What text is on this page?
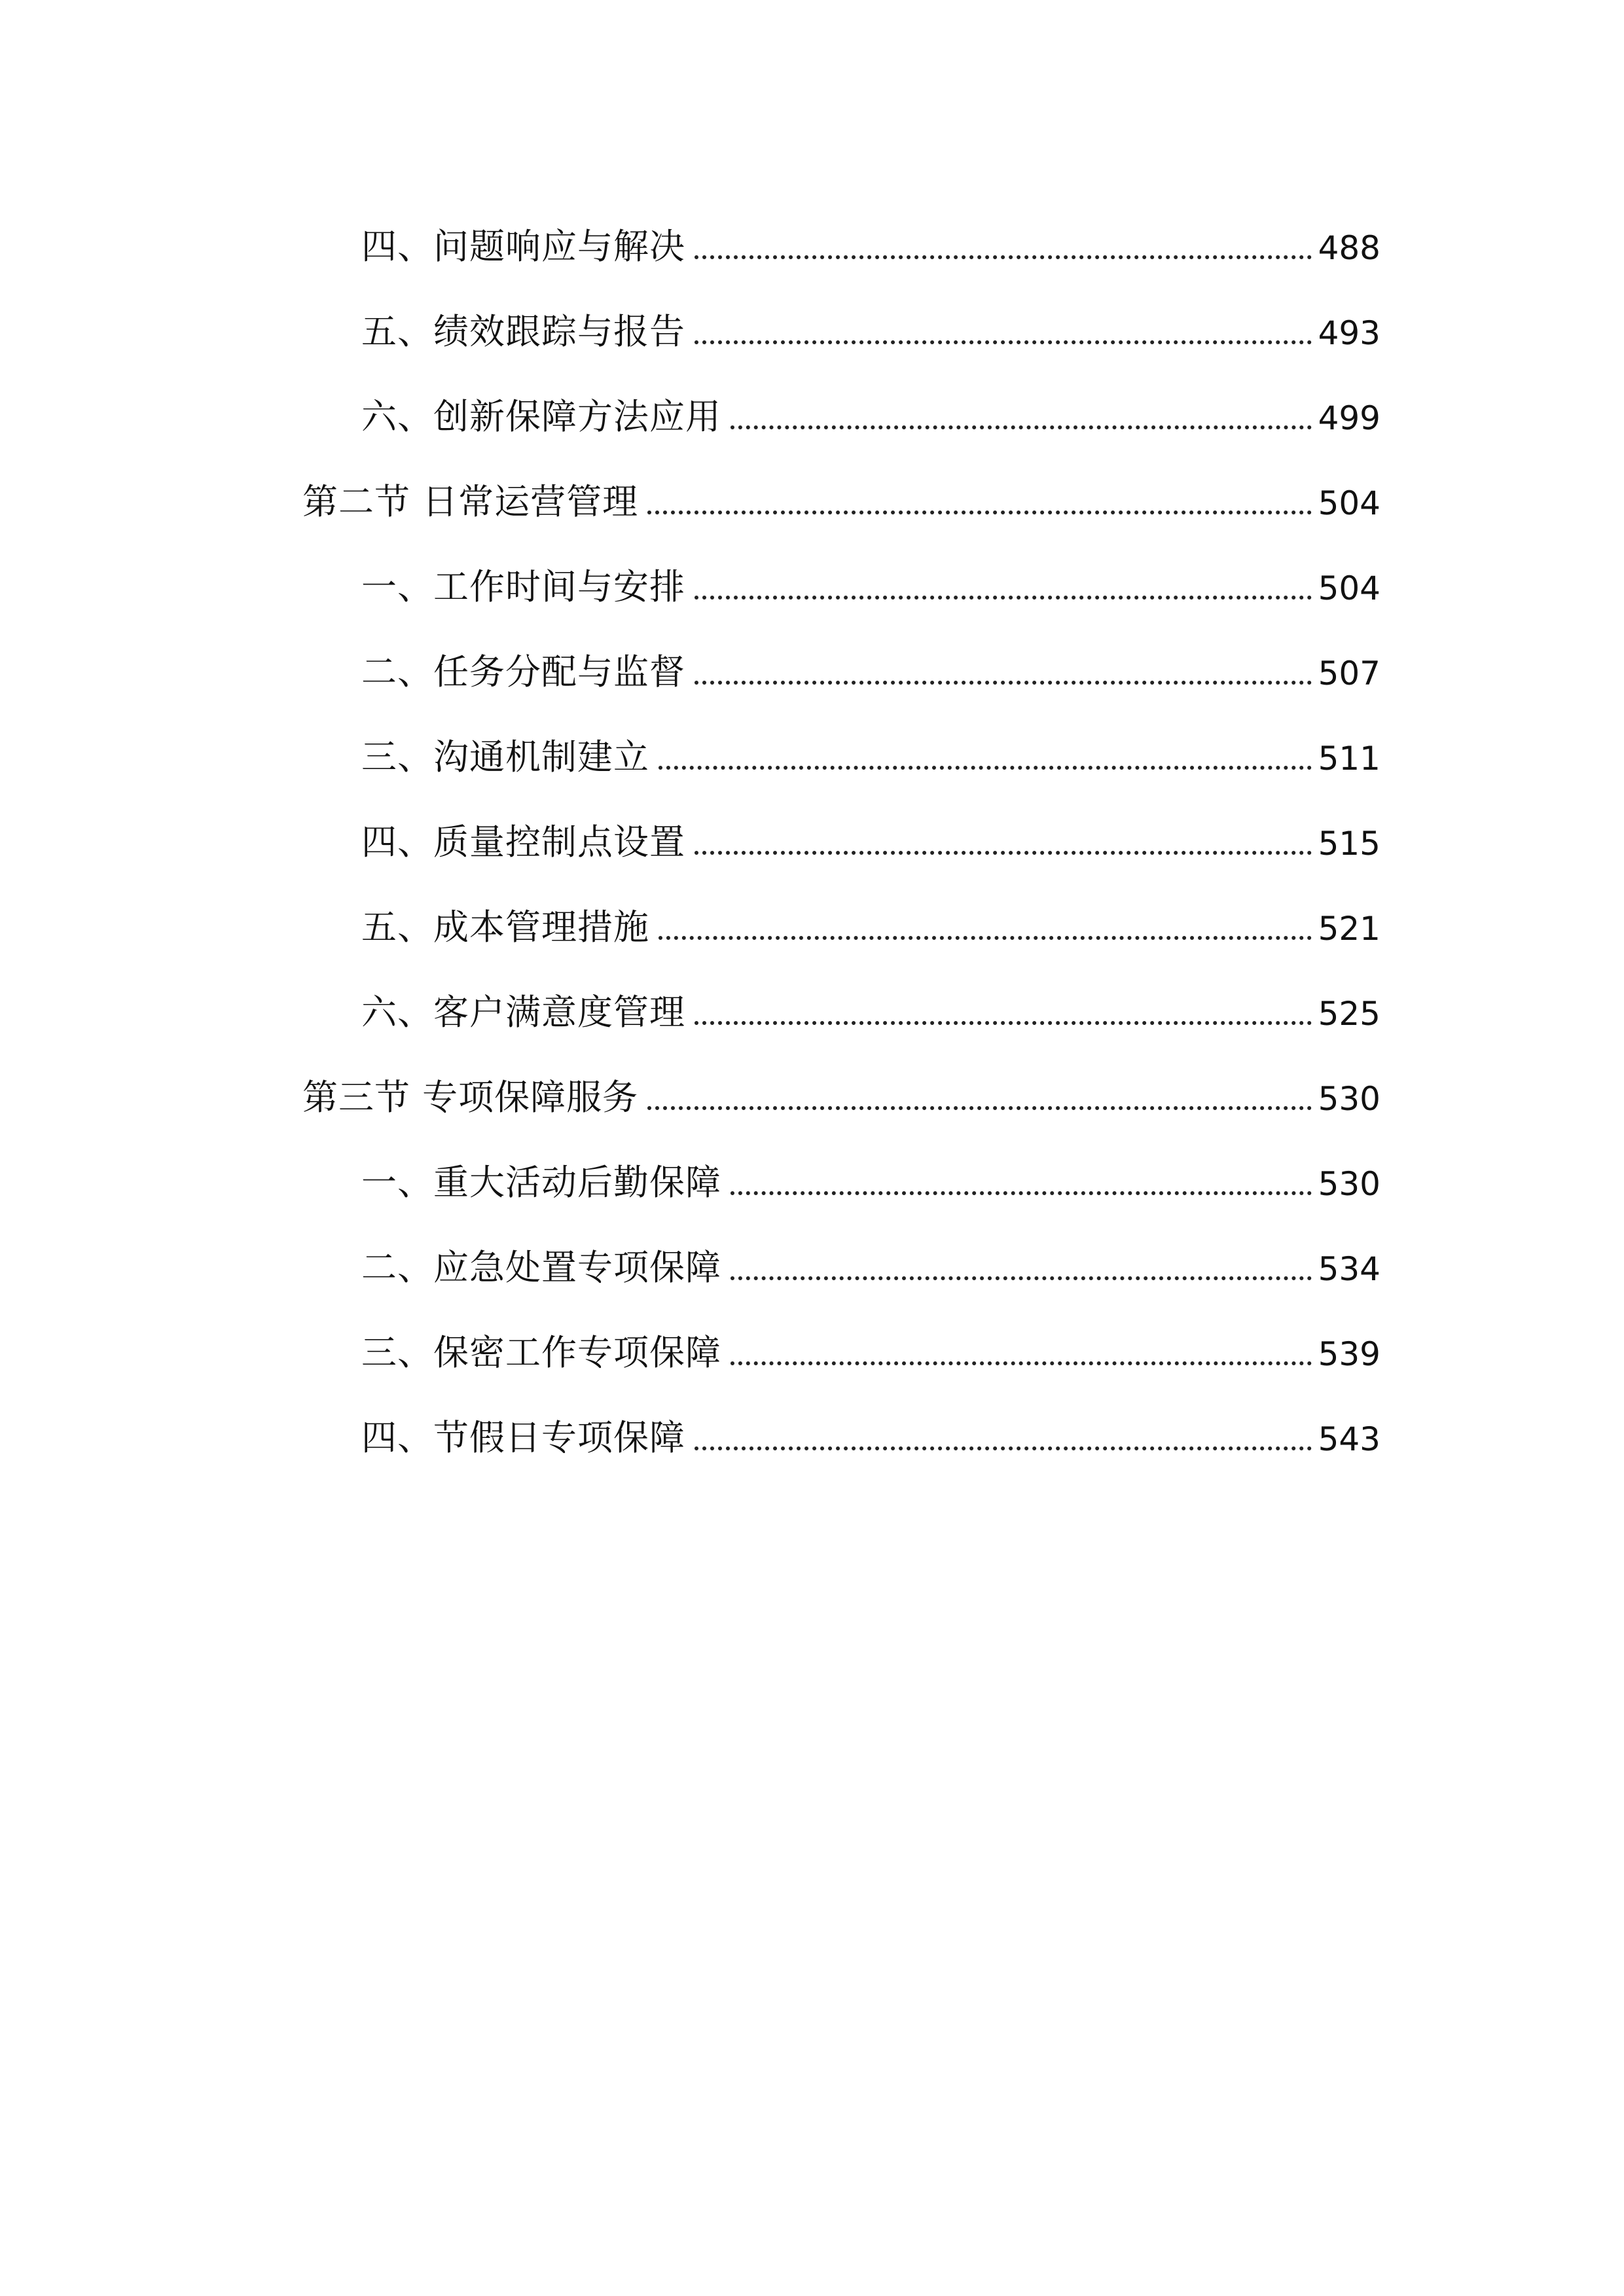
四、问题响应与解决	488
五、绩效跟踪与报告	493
六、创新保障方法应用	499
第二节 日常运营管理	504
一、工作时间与安排	504
二、任务分配与监督	507
三、沟通机制建立	511
四、质量控制点设置	515
五、成本管理措施	521
六、客户满意度管理	525
第三节 专项保障服务	530
一、重大活动后勤保障	530
二、应急处置专项保障	534
三、保密工作专项保障	539
四、节假日专项保障	543
